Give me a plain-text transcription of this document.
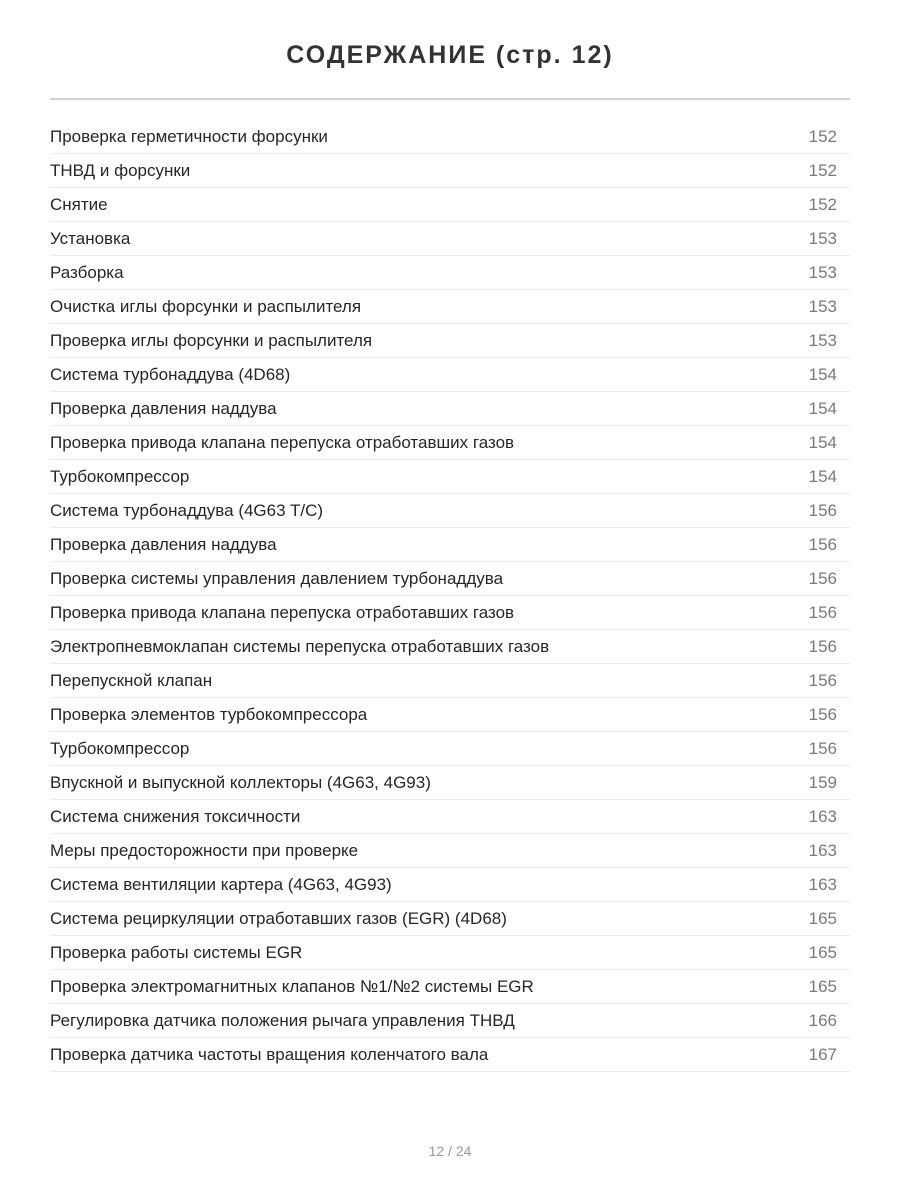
СОДЕРЖАНИЕ (стр. 12)
Проверка герметичности форсунки	152
ТНВД и форсунки	152
Снятие	152
Установка	153
Разборка	153
Очистка иглы форсунки и распылителя	153
Проверка иглы форсунки и распылителя	153
Система турбонаддува (4D68)	154
Проверка давления наддува	154
Проверка привода клапана перепуска отработавших газов	154
Турбокомпрессор	154
Система турбонаддува (4G63 T/C)	156
Проверка давления наддува	156
Проверка системы управления давлением турбонаддува	156
Проверка привода клапана перепуска отработавших газов	156
Электропневмоклапан системы перепуска отработавших газов	156
Перепускной клапан	156
Проверка элементов турбокомпрессора	156
Турбокомпрессор	156
Впускной и выпускной коллекторы (4G63, 4G93)	159
Система снижения токсичности	163
Меры предосторожности при проверке	163
Система вентиляции картера (4G63, 4G93)	163
Система рециркуляции отработавших газов (EGR) (4D68)	165
Проверка работы системы EGR	165
Проверка электромагнитных клапанов №1/№2 системы EGR	165
Регулировка датчика положения рычага управления ТНВД	166
Проверка датчика частоты вращения коленчатого вала	167
12 / 24
